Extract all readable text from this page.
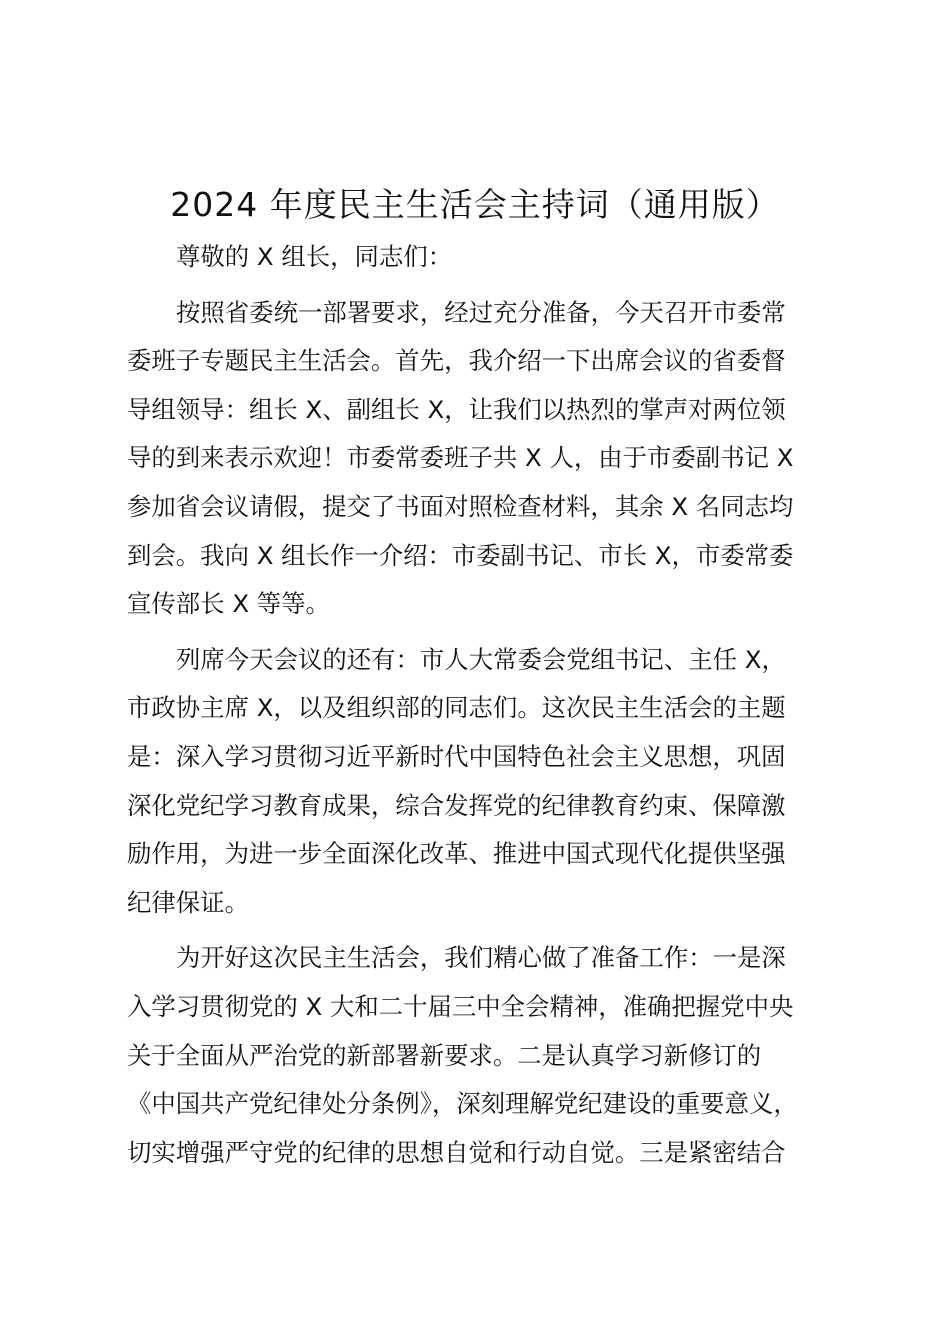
2024 年度民主生活会主持词（通用版）
尊敬的 X 组长，同志们：
按照省委统一部署要求，经过充分准备，今天召开市委常
委班子专题民主生活会。首先，我介绍一下出席会议的省委督
导组领导：组长 X、副组长 X，让我们以热烈的掌声对两位领
导的到来表示欢迎！市委常委班子共 X 人，由于市委副书记 X
参加省会议请假，提交了书面对照检查材料，其余 X 名同志均
到会。我向 X 组长作一介绍：市委副书记、市长 X，市委常委
宣传部长 X 等等。
列席今天会议的还有：市人大常委会党组书记、主任 X，
市政协主席 X，以及组织部的同志们。这次民主生活会的主题
是：深入学习贯彻习近平新时代中国特色社会主义思想，巩固
深化党纪学习教育成果，综合发挥党的纪律教育约束、保障激
励作用，为进一步全面深化改革、推进中国式现代化提供坚强
纪律保证。
为开好这次民主生活会，我们精心做了准备工作：一是深
入学习贯彻党的 X 大和二十届三中全会精神，准确把握党中央
关于全面从严治党的新部署新要求。二是认真学习新修订的
《中国共产党纪律处分条例》，深刻理解党纪建设的重要意义，
切实增强严守党的纪律的思想自觉和行动自觉。三是紧密结合
